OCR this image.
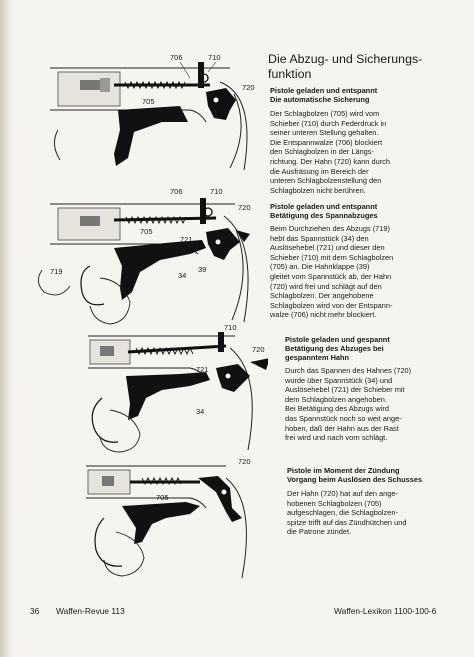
Die Abzug- und Sicherungs-funktion

Pistole geladen und entspannt

Die automatische Sicherung

Der Schlagbolzen (705) wird vom
Schieber (710) durch Federdruck in
seiner unteren Stellung gehalten.
Die Entspannwalze (706) blockiert
den Schlagbolzen in der Längs-
richtung. Der Hahn (720) kann durch
die Ausfräsung im Bereich der
unteren Schlagbolzenstellung den
Schlagbolzen nicht berühren.

Pistole geladen und entspannt

Betätigung des Spannabzuges

Beim Durchziehen des Abzugs (719)
hebt das Spannstück (34) den
Auslösehebel (721) und dieser den
Schieber (710) mit dem Schlagbolzen
(705) an. Die Hahnklappe (39)
gleitet vom Spannstück ab, der Hahn
(720) wird frei und schlägt auf den
Schlagbolzen. Der angehobene
Schlagbolzen wird von der Entspann-
walze (706) nicht mehr blockiert.

Pistole geladen und gespannt

Betätigung des Abzuges bei

gespanntem Hahn

Durch das Spannen des Hahnes (720)
wurde über Spannstück (34) und
Auslösehebel (721) der Schieber mit
dem Schlagbolzen angehoben.
Bei Betätigung des Abzugs wird
das Spannstück noch so weit ange-
hoben, daß der Hahn aus der Rast
frei wird und nach vorn schlägt.

Pistole im Moment der Zündung

Vorgang beim Auslösen des Schusses

Der Hahn (720) hat auf den ange-
hobenen Schlagbolzen (705)
aufgeschlagen, die Schlagbolzen-
spitze trifft auf das Zündhütchen und
die Patrone zündet.
706	710
720
705
706	710
720
705
721
719	34
39
710
720
721
34
720
705
36 Waffen-Revue 113	Waffen-Lexikon 1100-100-6
